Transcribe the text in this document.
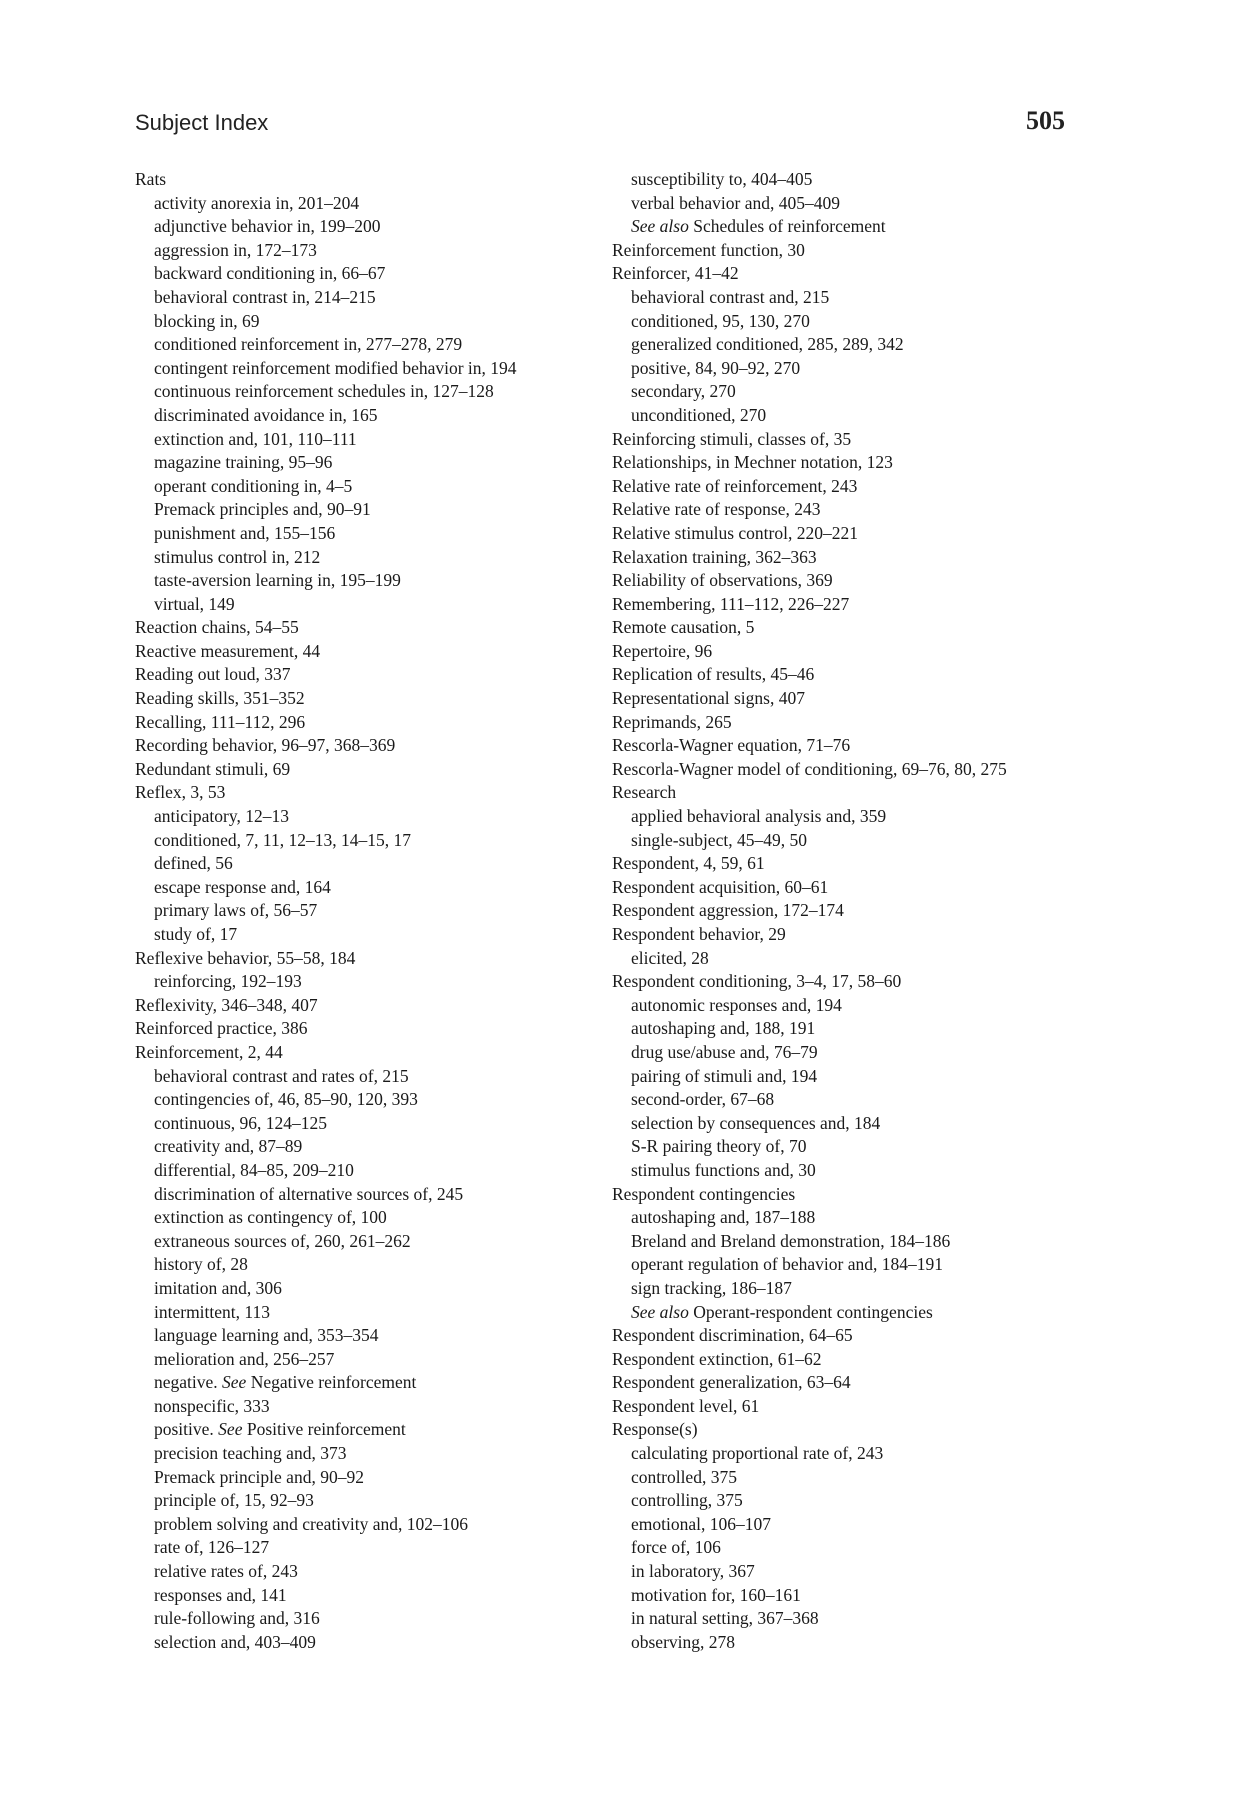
Subject Index	505
Rats
activity anorexia in, 201–204
adjunctive behavior in, 199–200
aggression in, 172–173
backward conditioning in, 66–67
behavioral contrast in, 214–215
blocking in, 69
conditioned reinforcement in, 277–278, 279
contingent reinforcement modified behavior in, 194
continuous reinforcement schedules in, 127–128
discriminated avoidance in, 165
extinction and, 101, 110–111
magazine training, 95–96
operant conditioning in, 4–5
Premack principles and, 90–91
punishment and, 155–156
stimulus control in, 212
taste-aversion learning in, 195–199
virtual, 149
Reaction chains, 54–55
Reactive measurement, 44
Reading out loud, 337
Reading skills, 351–352
Recalling, 111–112, 296
Recording behavior, 96–97, 368–369
Redundant stimuli, 69
Reflex, 3, 53
anticipatory, 12–13
conditioned, 7, 11, 12–13, 14–15, 17
defined, 56
escape response and, 164
primary laws of, 56–57
study of, 17
Reflexive behavior, 55–58, 184
reinforcing, 192–193
Reflexivity, 346–348, 407
Reinforced practice, 386
Reinforcement, 2, 44
behavioral contrast and rates of, 215
contingencies of, 46, 85–90, 120, 393
continuous, 96, 124–125
creativity and, 87–89
differential, 84–85, 209–210
discrimination of alternative sources of, 245
extinction as contingency of, 100
extraneous sources of, 260, 261–262
history of, 28
imitation and, 306
intermittent, 113
language learning and, 353–354
melioration and, 256–257
negative. See Negative reinforcement
nonspecific, 333
positive. See Positive reinforcement
precision teaching and, 373
Premack principle and, 90–92
principle of, 15, 92–93
problem solving and creativity and, 102–106
rate of, 126–127
relative rates of, 243
responses and, 141
rule-following and, 316
selection and, 403–409
susceptibility to, 404–405
verbal behavior and, 405–409
See also Schedules of reinforcement
Reinforcement function, 30
Reinforcer, 41–42
behavioral contrast and, 215
conditioned, 95, 130, 270
generalized conditioned, 285, 289, 342
positive, 84, 90–92, 270
secondary, 270
unconditioned, 270
Reinforcing stimuli, classes of, 35
Relationships, in Mechner notation, 123
Relative rate of reinforcement, 243
Relative rate of response, 243
Relative stimulus control, 220–221
Relaxation training, 362–363
Reliability of observations, 369
Remembering, 111–112, 226–227
Remote causation, 5
Repertoire, 96
Replication of results, 45–46
Representational signs, 407
Reprimands, 265
Rescorla-Wagner equation, 71–76
Rescorla-Wagner model of conditioning, 69–76, 80, 275
Research
applied behavioral analysis and, 359
single-subject, 45–49, 50
Respondent, 4, 59, 61
Respondent acquisition, 60–61
Respondent aggression, 172–174
Respondent behavior, 29
elicited, 28
Respondent conditioning, 3–4, 17, 58–60
autonomic responses and, 194
autoshaping and, 188, 191
drug use/abuse and, 76–79
pairing of stimuli and, 194
second-order, 67–68
selection by consequences and, 184
S-R pairing theory of, 70
stimulus functions and, 30
Respondent contingencies
autoshaping and, 187–188
Breland and Breland demonstration, 184–186
operant regulation of behavior and, 184–191
sign tracking, 186–187
See also Operant-respondent contingencies
Respondent discrimination, 64–65
Respondent extinction, 61–62
Respondent generalization, 63–64
Respondent level, 61
Response(s)
calculating proportional rate of, 243
controlled, 375
controlling, 375
emotional, 106–107
force of, 106
in laboratory, 367
motivation for, 160–161
in natural setting, 367–368
observing, 278
